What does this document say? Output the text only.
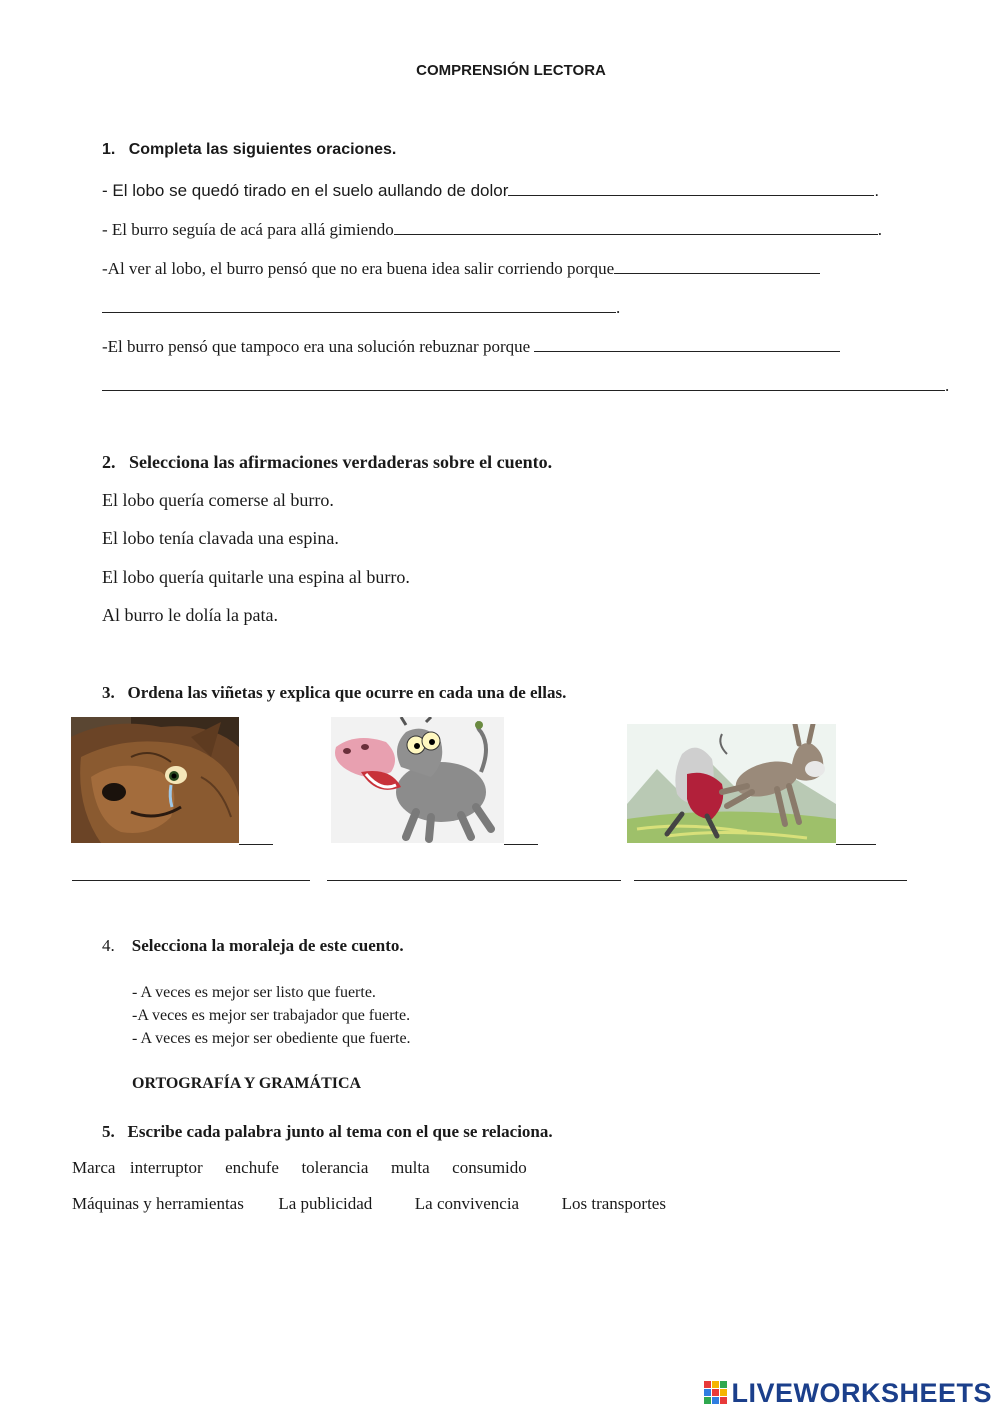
COMPRENSIÓN LECTORA
1. Completa las siguientes oraciones.
- El lobo se quedó tirado en el suelo aullando de dolor	.
- El burro seguía de acá para allá gimiendo	.
-Al ver al lobo, el burro pensó que no era buena idea salir corriendo porque
.
-El burro pensó que tampoco era una solución rebuznar porque
.
2. Selecciona las afirmaciones verdaderas sobre el cuento.
El lobo quería comerse al burro.
El lobo tenía clavada una espina.
El lobo quería quitarle una espina al burro.
Al burro le dolía la pata.
3. Ordena las viñetas y explica que ocurre en cada una de ellas.
4. Selecciona la moraleja de este cuento.
- A veces es mejor ser listo que fuerte.
-A veces es mejor ser trabajador que fuerte.
- A veces es mejor ser obediente que fuerte.
ORTOGRAFÍA Y GRAMÁTICA
5. Escribe cada palabra junto al tema con el que se relaciona.
Marca interruptor enchufe tolerancia multa consumido
Máquinas y herramientas La publicidad	La convivencia	Los transportes
LIVEWORKSHEETS
